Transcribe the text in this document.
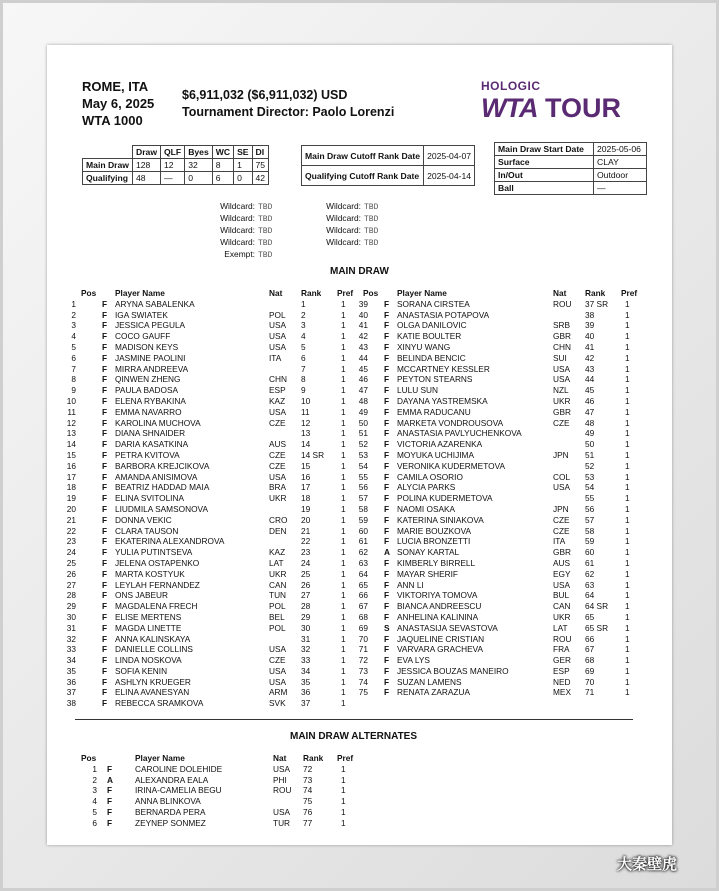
ROME, ITA
May 6, 2025
WTA 1000
$6,911,032 ($6,911,032) USD
Tournament Director: Paolo Lorenzi
HOLOGIC
WTA TOUR
	Draw	QLF	Byes	WC	SE	DI
Main Draw	128	12	32	8	1	75
Qualifying	48	—	0	6	0	42
Main Draw Cutoff Rank Date	2025-04-07
Qualifying Cutoff Rank Date	2025-04-14
Main Draw Start Date	2025-05-06
Surface	CLAY
In/Out	Outdoor
Ball	—
Wildcard: TBD
Wildcard: TBD
Wildcard: TBD
Wildcard: TBD
Exempt: TBD
Wildcard: TBD
Wildcard: TBD
Wildcard: TBD
Wildcard: TBD
MAIN DRAW
Pos Player Name	Nat Rank Pref
1	F ARYNA SABALENKA	1	1
2	F IGA SWIATEK	POL 2	1
3	F JESSICA PEGULA	USA 3	1
4	F COCO GAUFF	USA 4	1
5	F MADISON KEYS	USA 5	1
6	F JASMINE PAOLINI	ITA 6	1
7	F MIRRA ANDREEVA	7	1
8	F QINWEN ZHENG	CHN 8	1
9	F PAULA BADOSA	ESP 9	1
10	F ELENA RYBAKINA	KAZ 10	1
11	F EMMA NAVARRO	USA 11	1
12	F KAROLINA MUCHOVA	CZE 12	1
13	F DIANA SHNAIDER	13	1
14	F DARIA KASATKINA	AUS 14	1
15	F PETRA KVITOVA	CZE 14 SR 1
16	F BARBORA KREJCIKOVA	CZE 15	1
17	F AMANDA ANISIMOVA	USA 16	1
18	F BEATRIZ HADDAD MAIA	BRA 17	1
19	F ELINA SVITOLINA	UKR 18	1
20	F LIUDMILA SAMSONOVA	19	1
21	F DONNA VEKIC	CRO 20	1
22	F CLARA TAUSON	DEN 21	1
23	F EKATERINA ALEXANDROVA	22	1
24	F YULIA PUTINTSEVA	KAZ 23	1
25	F JELENA OSTAPENKO	LAT 24	1
26	F MARTA KOSTYUK	UKR 25	1
27	F LEYLAH FERNANDEZ	CAN 26	1
28	F ONS JABEUR	TUN 27	1
29	F MAGDALENA FRECH	POL 28	1
30	F ELISE MERTENS	BEL 29	1
31	F MAGDA LINETTE	POL 30	1
32	F ANNA KALINSKAYA	31	1
33	F DANIELLE COLLINS	USA 32	1
34	F LINDA NOSKOVA	CZE 33	1
35	F SOFIA KENIN	USA 34	1
36	F ASHLYN KRUEGER	USA 35	1
37	F ELINA AVANESYAN	ARM 36	1
38	F REBECCA SRAMKOVA	SVK 37	1
Pos Player Name	Nat Rank Pref
39 F SORANA CIRSTEA	ROU 37 SR 1
40 F ANASTASIA POTAPOVA	38	1
41 F OLGA DANILOVIC	SRB 39	1
42 F KATIE BOULTER	GBR 40	1
43 F XINYU WANG	CHN 41	1
44 F BELINDA BENCIC	SUI 42	1
45 F MCCARTNEY KESSLER	USA 43	1
46 F PEYTON STEARNS	USA 44	1
47 F LULU SUN	NZL 45	1
48 F DAYANA YASTREMSKA	UKR 46	1
49 F EMMA RADUCANU	GBR 47	1
50 F MARKETA VONDROUSOVA	CZE 48	1
51 F ANASTASIA PAVLYUCHENKOVA	49	1
52 F VICTORIA AZARENKA	50	1
53 F MOYUKA UCHIJIMA	JPN 51	1
54 F VERONIKA KUDERMETOVA	52	1
55 F CAMILA OSORIO	COL 53	1
56 F ALYCIA PARKS	USA 54	1
57 F POLINA KUDERMETOVA	55	1
58 F NAOMI OSAKA	JPN 56	1
59 F KATERINA SINIAKOVA	CZE 57	1
60 F MARIE BOUZKOVA	CZE 58	1
61 F LUCIA BRONZETTI	ITA 59	1
62 A SONAY KARTAL	GBR 60	1
63 F KIMBERLY BIRRELL	AUS 61	1
64 F MAYAR SHERIF	EGY 62	1
65 F ANN LI	USA 63	1
66 F VIKTORIYA TOMOVA	BUL 64	1
67 F BIANCA ANDREESCU	CAN 64 SR 1
68 F ANHELINA KALININA	UKR 65	1
69 S ANASTASIJA SEVASTOVA	LAT 65 SR 1
70 F JAQUELINE CRISTIAN	ROU 66	1
71 F VARVARA GRACHEVA	FRA 67	1
72 F EVA LYS	GER 68	1
73 F JESSICA BOUZAS MANEIRO	ESP 69	1
74 F SUZAN LAMENS	NED 70	1
75 F RENATA ZARAZUA	MEX 71	1
MAIN DRAW ALTERNATES
Pos	Player Name	Nat Rank Pref
1 F	CAROLINE DOLEHIDE	USA 72	1
2 A	ALEXANDRA EALA	PHI 73	1
3 F	IRINA-CAMELIA BEGU	ROU 74	1
4 F	ANNA BLINKOVA	75	1
5 F	BERNARDA PERA	USA 76	1
6 F	ZEYNEP SONMEZ	TUR 77	1
大秦壁虎
